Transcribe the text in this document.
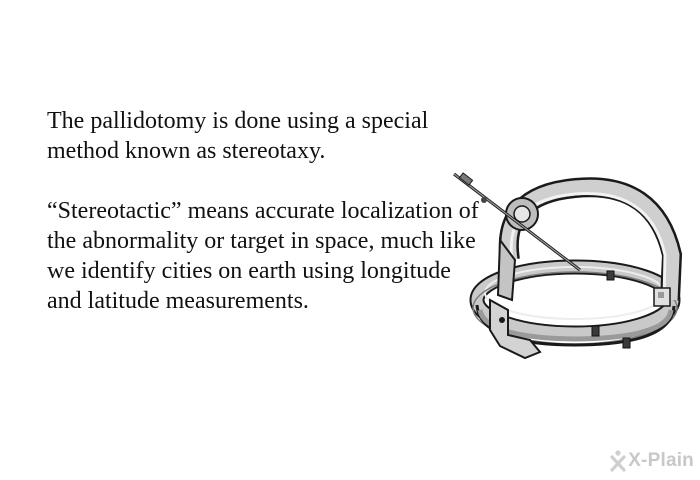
The pallidotomy is done using a special method known as stereotaxy.

“Stereotactic” means accurate localization of the abnormality or target in space, much like we identify cities on earth using longitude and latitude measurements.

X-Plain
